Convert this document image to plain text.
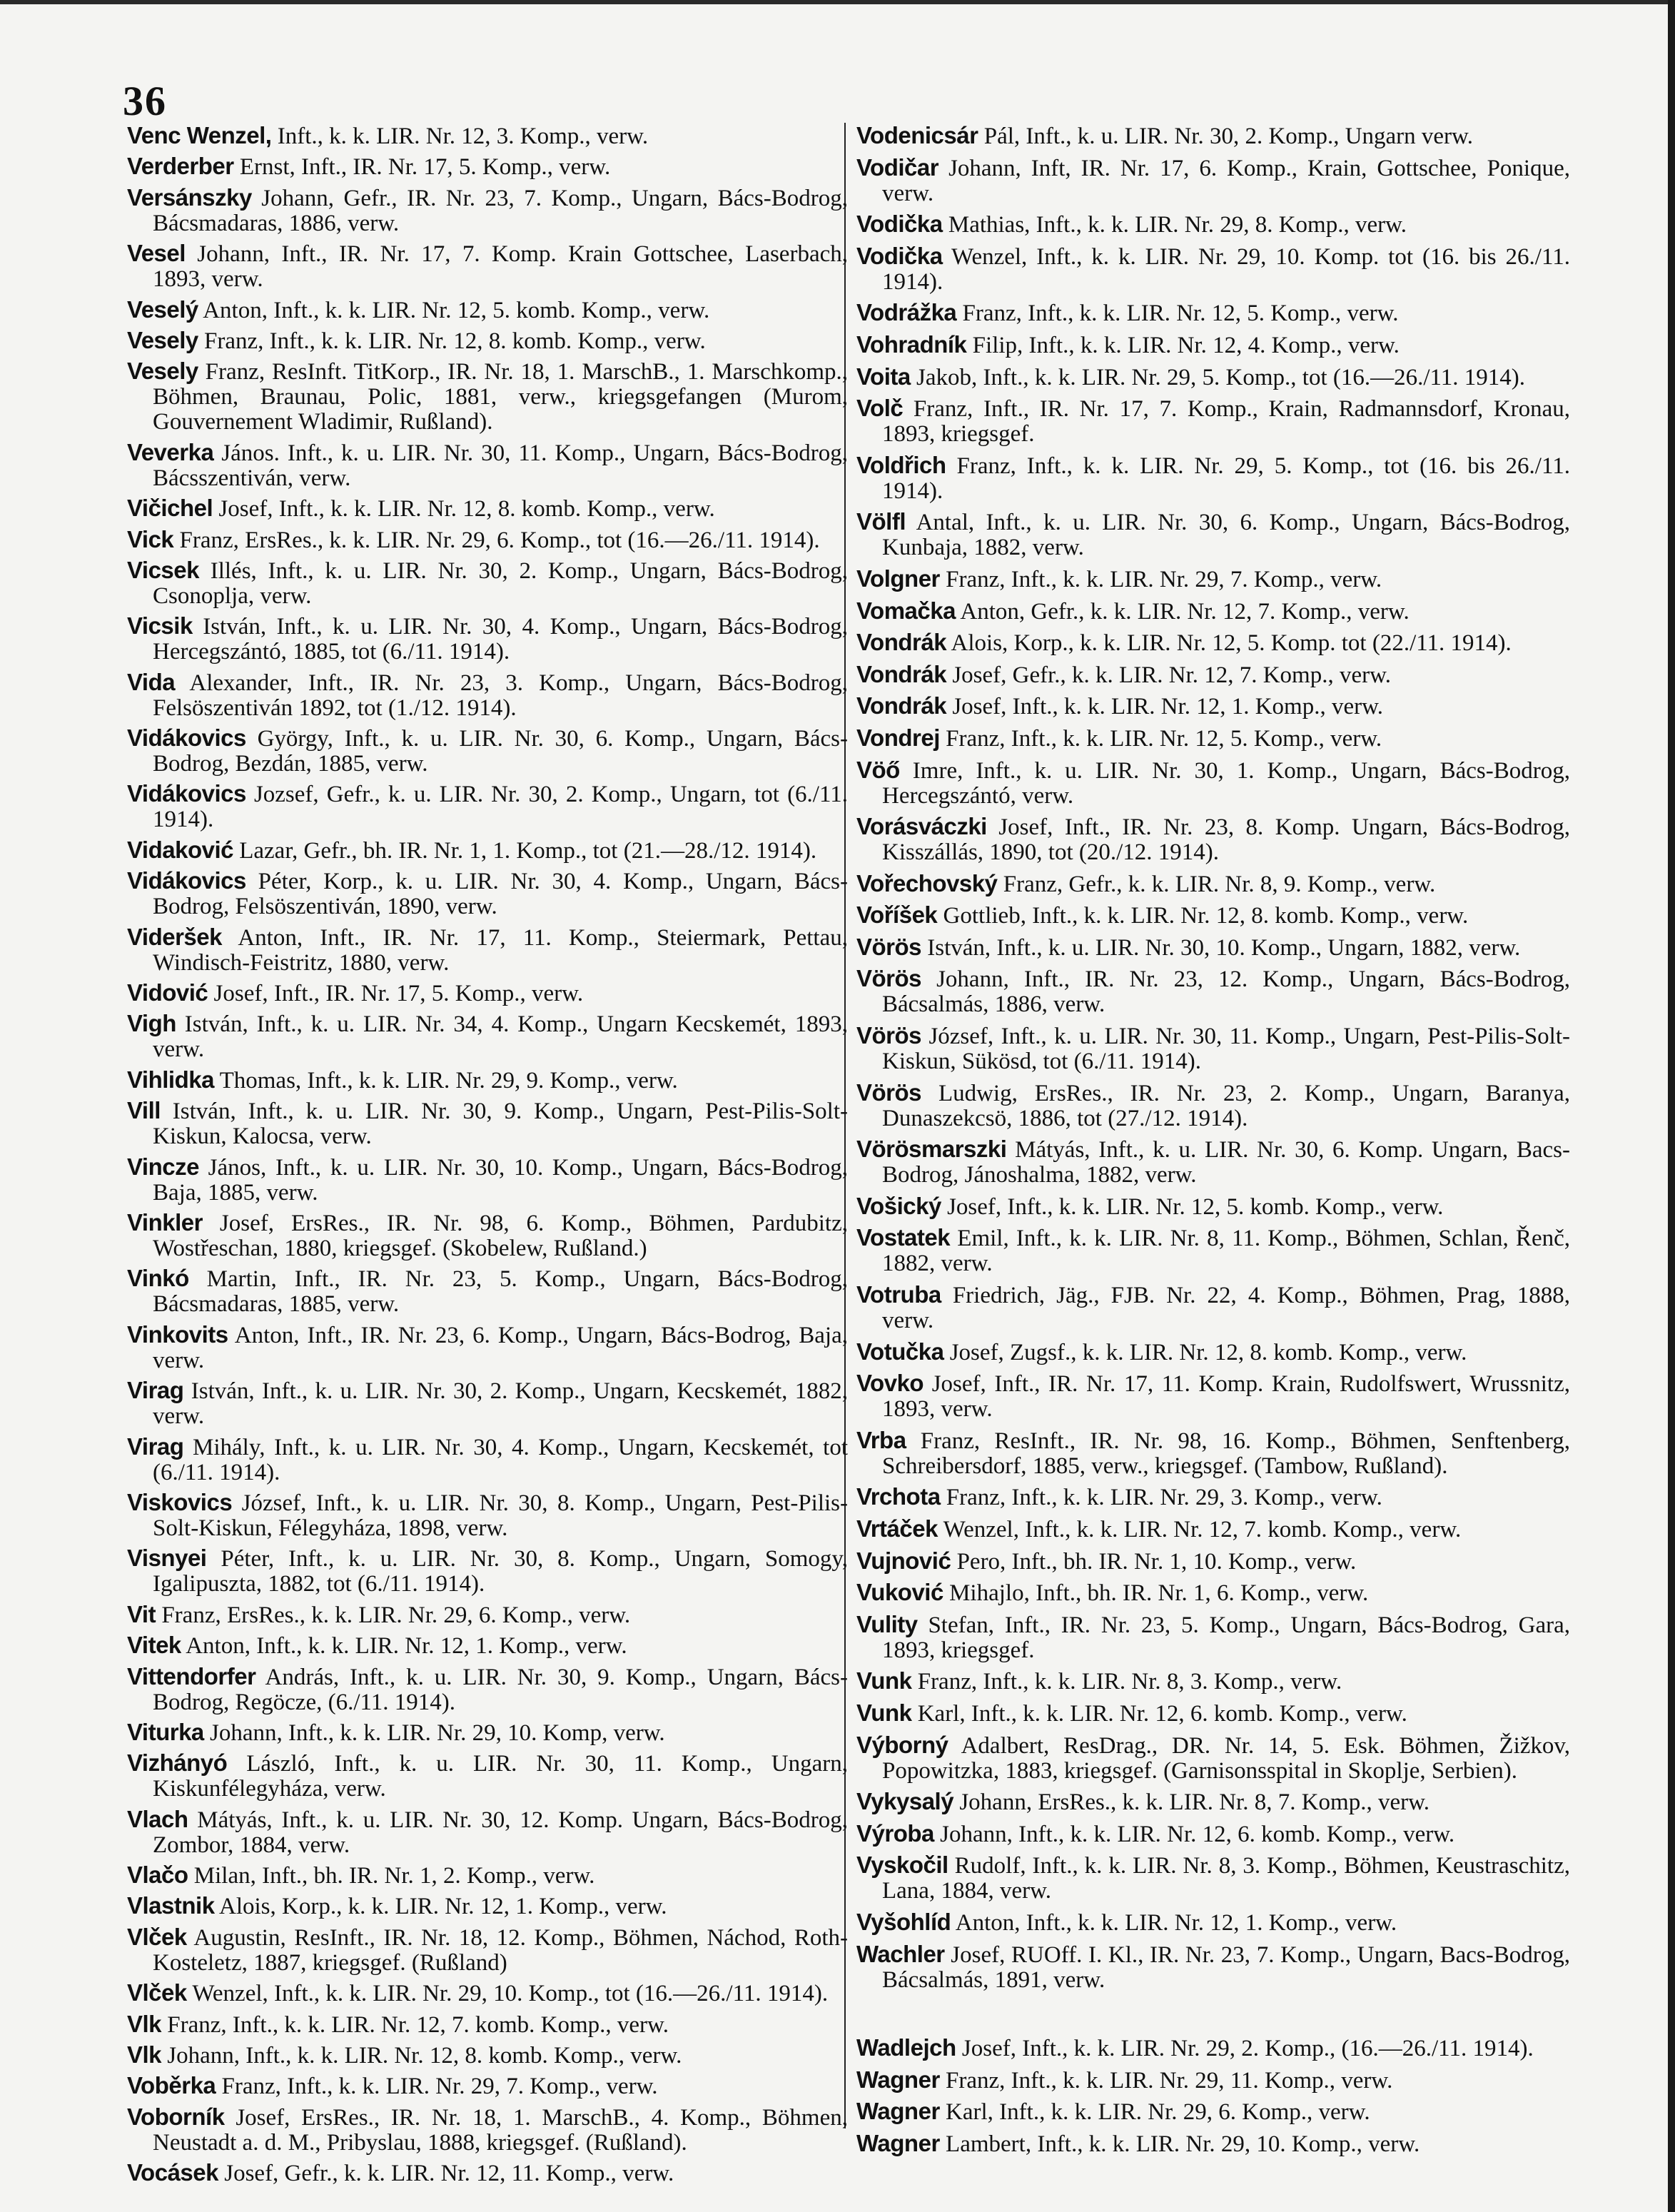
36
Venc Wenzel, Inft., k. k. LIR. Nr. 12, 3. Komp., verw.
Verderber Ernst, Inft., IR. Nr. 17, 5. Komp., verw.
Versánszky Johann, Gefr., IR. Nr. 23, 7. Komp., Ungarn, Bács-Bodrog, Bácsmadaras, 1886, verw.
Vesel Johann, Inft., IR. Nr. 17, 7. Komp. Krain Gottschee, Laserbach, 1893, verw.
Veselý Anton, Inft., k. k. LIR. Nr. 12, 5. komb. Komp., verw.
Vesely Franz, Inft., k. k. LIR. Nr. 12, 8. komb. Komp., verw.
Vesely Franz, ResInft. TitKorp., IR. Nr. 18, 1. MarschB., 1. Marschkomp., Böhmen, Braunau, Polic, 1881, verw., kriegsgefangen (Murom, Gouvernement Wladimir, Rußland).
Veverka János. Inft., k. u. LIR. Nr. 30, 11. Komp., Ungarn, Bács-Bodrog, Bácsszentiván, verw.
Vičichel Josef, Inft., k. k. LIR. Nr. 12, 8. komb. Komp., verw.
Vick Franz, ErsRes., k. k. LIR. Nr. 29, 6. Komp., tot (16.—26./11. 1914).
Vicsek Illés, Inft., k. u. LIR. Nr. 30, 2. Komp., Ungarn, Bács-Bodrog, Csonoplja, verw.
Vicsik István, Inft., k. u. LIR. Nr. 30, 4. Komp., Ungarn, Bács-Bodrog, Hercegszántó, 1885, tot (6./11. 1914).
Vida Alexander, Inft., IR. Nr. 23, 3. Komp., Ungarn, Bács-Bodrog, Felsöszentiván 1892, tot (1./12. 1914).
Vidákovics György, Inft., k. u. LIR. Nr. 30, 6. Komp., Ungarn, Bács-Bodrog, Bezdán, 1885, verw.
Vidákovics Jozsef, Gefr., k. u. LIR. Nr. 30, 2. Komp., Ungarn, tot (6./11. 1914).
Vidaković Lazar, Gefr., bh. IR. Nr. 1, 1. Komp., tot (21.—28./12. 1914).
Vidákovics Péter, Korp., k. u. LIR. Nr. 30, 4. Komp., Ungarn, Bács-Bodrog, Felsöszentiván, 1890, verw.
Videršek Anton, Inft., IR. Nr. 17, 11. Komp., Steiermark, Pettau, Windisch-Feistritz, 1880, verw.
Vidović Josef, Inft., IR. Nr. 17, 5. Komp., verw.
Vigh István, Inft., k. u. LIR. Nr. 34, 4. Komp., Ungarn Kecskemét, 1893, verw.
Vihlidka Thomas, Inft., k. k. LIR. Nr. 29, 9. Komp., verw.
Vill István, Inft., k. u. LIR. Nr. 30, 9. Komp., Ungarn, Pest-Pilis-Solt-Kiskun, Kalocsa, verw.
Vincze János, Inft., k. u. LIR. Nr. 30, 10. Komp., Ungarn, Bács-Bodrog, Baja, 1885, verw.
Vinkler Josef, ErsRes., IR. Nr. 98, 6. Komp., Böhmen, Pardubitz, Wostřeschan, 1880, kriegsgef. (Skobelew, Rußland.)
Vinkó Martin, Inft., IR. Nr. 23, 5. Komp., Ungarn, Bács-Bodrog, Bácsmadaras, 1885, verw.
Vinkovits Anton, Inft., IR. Nr. 23, 6. Komp., Ungarn, Bács-Bodrog, Baja, verw.
Virag István, Inft., k. u. LIR. Nr. 30, 2. Komp., Ungarn, Kecskemét, 1882, verw.
Virag Mihály, Inft., k. u. LIR. Nr. 30, 4. Komp., Ungarn, Kecskemét, tot (6./11. 1914).
Viskovics József, Inft., k. u. LIR. Nr. 30, 8. Komp., Ungarn, Pest-Pilis-Solt-Kiskun, Félegyháza, 1898, verw.
Visnyei Péter, Inft., k. u. LIR. Nr. 30, 8. Komp., Ungarn, Somogy, Igalipuszta, 1882, tot (6./11. 1914).
Vit Franz, ErsRes., k. k. LIR. Nr. 29, 6. Komp., verw.
Vitek Anton, Inft., k. k. LIR. Nr. 12, 1. Komp., verw.
Vittendorfer András, Inft., k. u. LIR. Nr. 30, 9. Komp., Ungarn, Bács-Bodrog, Regöcze, (6./11. 1914).
Viturka Johann, Inft., k. k. LIR. Nr. 29, 10. Komp, verw.
Vizhányó László, Inft., k. u. LIR. Nr. 30, 11. Komp., Ungarn, Kiskunfélegyháza, verw.
Vlach Mátyás, Inft., k. u. LIR. Nr. 30, 12. Komp. Ungarn, Bács-Bodrog, Zombor, 1884, verw.
Vlačo Milan, Inft., bh. IR. Nr. 1, 2. Komp., verw.
Vlastnik Alois, Korp., k. k. LIR. Nr. 12, 1. Komp., verw.
Vlček Augustin, ResInft., IR. Nr. 18, 12. Komp., Böhmen, Náchod, Roth-Kosteletz, 1887, kriegsgef. (Rußland)
Vlček Wenzel, Inft., k. k. LIR. Nr. 29, 10. Komp., tot (16.—26./11. 1914).
Vlk Franz, Inft., k. k. LIR. Nr. 12, 7. komb. Komp., verw.
Vlk Johann, Inft., k. k. LIR. Nr. 12, 8. komb. Komp., verw.
Voběrka Franz, Inft., k. k. LIR. Nr. 29, 7. Komp., verw.
Voborník Josef, ErsRes., IR. Nr. 18, 1. MarschB., 4. Komp., Böhmen, Neustadt a. d. M., Pribyslau, 1888, kriegsgef. (Rußland).
Vocásek Josef, Gefr., k. k. LIR. Nr. 12, 11. Komp., verw.
Vodenicsár Pál, Inft., k. u. LIR. Nr. 30, 2. Komp., Ungarn verw.
Vodičar Johann, Inft, IR. Nr. 17, 6. Komp., Krain, Gottschee, Ponique, verw.
Vodička Mathias, Inft., k. k. LIR. Nr. 29, 8. Komp., verw.
Vodička Wenzel, Inft., k. k. LIR. Nr. 29, 10. Komp. tot (16. bis 26./11. 1914).
Vodrážka Franz, Inft., k. k. LIR. Nr. 12, 5. Komp., verw.
Vohradník Filip, Inft., k. k. LIR. Nr. 12, 4. Komp., verw.
Voita Jakob, Inft., k. k. LIR. Nr. 29, 5. Komp., tot (16.—26./11. 1914).
Volč Franz, Inft., IR. Nr. 17, 7. Komp., Krain, Radmannsdorf, Kronau, 1893, kriegsgef.
Voldřich Franz, Inft., k. k. LIR. Nr. 29, 5. Komp., tot (16. bis 26./11. 1914).
Völfl Antal, Inft., k. u. LIR. Nr. 30, 6. Komp., Ungarn, Bács-Bodrog, Kunbaja, 1882, verw.
Volgner Franz, Inft., k. k. LIR. Nr. 29, 7. Komp., verw.
Vomačka Anton, Gefr., k. k. LIR. Nr. 12, 7. Komp., verw.
Vondrák Alois, Korp., k. k. LIR. Nr. 12, 5. Komp. tot (22./11. 1914).
Vondrák Josef, Gefr., k. k. LIR. Nr. 12, 7. Komp., verw.
Vondrák Josef, Inft., k. k. LIR. Nr. 12, 1. Komp., verw.
Vondrej Franz, Inft., k. k. LIR. Nr. 12, 5. Komp., verw.
Vöő Imre, Inft., k. u. LIR. Nr. 30, 1. Komp., Ungarn, Bács-Bodrog, Hercegszántó, verw.
Vorásváczki Josef, Inft., IR. Nr. 23, 8. Komp. Ungarn, Bács-Bodrog, Kisszállás, 1890, tot (20./12. 1914).
Vořechovský Franz, Gefr., k. k. LIR. Nr. 8, 9. Komp., verw.
Voříšek Gottlieb, Inft., k. k. LIR. Nr. 12, 8. komb. Komp., verw.
Vörös István, Inft., k. u. LIR. Nr. 30, 10. Komp., Ungarn, 1882, verw.
Vörös Johann, Inft., IR. Nr. 23, 12. Komp., Ungarn, Bács-Bodrog, Bácsalmás, 1886, verw.
Vörös József, Inft., k. u. LIR. Nr. 30, 11. Komp., Ungarn, Pest-Pilis-Solt-Kiskun, Sükösd, tot (6./11. 1914).
Vörös Ludwig, ErsRes., IR. Nr. 23, 2. Komp., Ungarn, Baranya, Dunaszekcsö, 1886, tot (27./12. 1914).
Vörösmarszki Mátyás, Inft., k. u. LIR. Nr. 30, 6. Komp. Ungarn, Bacs-Bodrog, Jánoshalma, 1882, verw.
Vošický Josef, Inft., k. k. LIR. Nr. 12, 5. komb. Komp., verw.
Vostatek Emil, Inft., k. k. LIR. Nr. 8, 11. Komp., Böhmen, Schlan, Řenč, 1882, verw.
Votruba Friedrich, Jäg., FJB. Nr. 22, 4. Komp., Böhmen, Prag, 1888, verw.
Votučka Josef, Zugsf., k. k. LIR. Nr. 12, 8. komb. Komp., verw.
Vovko Josef, Inft., IR. Nr. 17, 11. Komp. Krain, Rudolfswert, Wrussnitz, 1893, verw.
Vrba Franz, ResInft., IR. Nr. 98, 16. Komp., Böhmen, Senftenberg, Schreibersdorf, 1885, verw., kriegsgef. (Tambow, Rußland).
Vrchota Franz, Inft., k. k. LIR. Nr. 29, 3. Komp., verw.
Vrtáček Wenzel, Inft., k. k. LIR. Nr. 12, 7. komb. Komp., verw.
Vujnović Pero, Inft., bh. IR. Nr. 1, 10. Komp., verw.
Vuković Mihajlo, Inft., bh. IR. Nr. 1, 6. Komp., verw.
Vulity Stefan, Inft., IR. Nr. 23, 5. Komp., Ungarn, Bács-Bodrog, Gara, 1893, kriegsgef.
Vunk Franz, Inft., k. k. LIR. Nr. 8, 3. Komp., verw.
Vunk Karl, Inft., k. k. LIR. Nr. 12, 6. komb. Komp., verw.
Výborný Adalbert, ResDrag., DR. Nr. 14, 5. Esk. Böhmen, Žižkov, Popowitzka, 1883, kriegsgef. (Garnisonsspital in Skoplje, Serbien).
Vykysalý Johann, ErsRes., k. k. LIR. Nr. 8, 7. Komp., verw.
Výroba Johann, Inft., k. k. LIR. Nr. 12, 6. komb. Komp., verw.
Vyskočil Rudolf, Inft., k. k. LIR. Nr. 8, 3. Komp., Böhmen, Keustraschitz, Lana, 1884, verw.
Vyšohlíd Anton, Inft., k. k. LIR. Nr. 12, 1. Komp., verw.
Wachler Josef, RUOff. I. Kl., IR. Nr. 23, 7. Komp., Ungarn, Bacs-Bodrog, Bácsalmás, 1891, verw.
Wadlejch Josef, Inft., k. k. LIR. Nr. 29, 2. Komp., (16.—26./11. 1914).
Wagner Franz, Inft., k. k. LIR. Nr. 29, 11. Komp., verw.
Wagner Karl, Inft., k. k. LIR. Nr. 29, 6. Komp., verw.
Wagner Lambert, Inft., k. k. LIR. Nr. 29, 10. Komp., verw.
